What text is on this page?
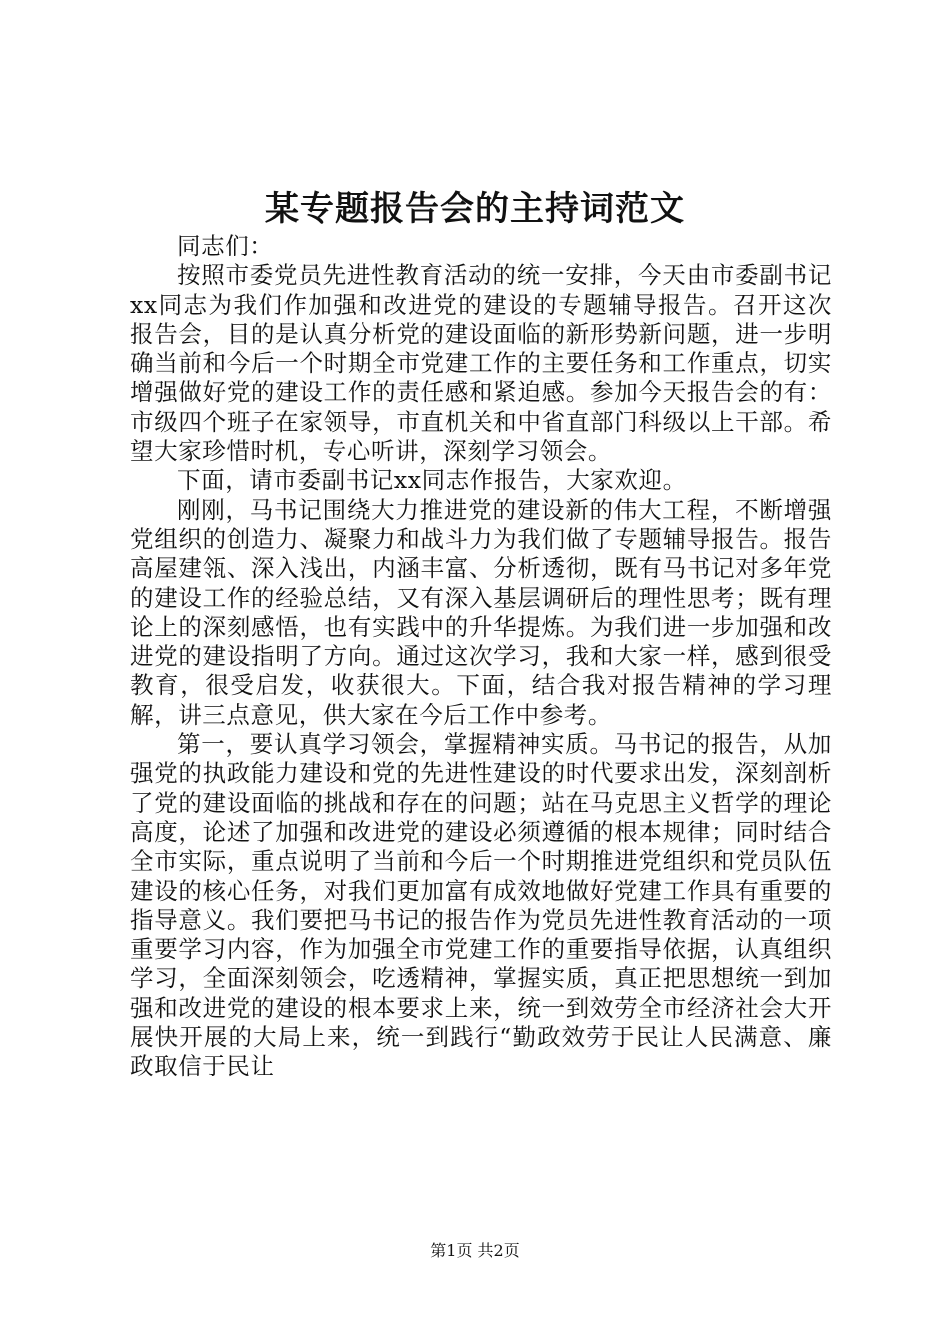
某专题报告会的主持词范文

同志们：

按照市委党员先进性教育活动的统一安排，今天由市委副书记xx同志为我们作加强和改进党的建设的专题辅导报告。召开这次报告会，目的是认真分析党的建设面临的新形势新问题，进一步明确当前和今后一个时期全市党建工作的主要任务和工作重点，切实增强做好党的建设工作的责任感和紧迫感。参加今天报告会的有：市级四个班子在家领导，市直机关和中省直部门科级以上干部。希望大家珍惜时机，专心听讲，深刻学习领会。

下面，请市委副书记xx同志作报告，大家欢迎。

刚刚，马书记围绕大力推进党的建设新的伟大工程，不断增强党组织的创造力、凝聚力和战斗力为我们做了专题辅导报告。报告高屋建瓴、深入浅出，内涵丰富、分析透彻，既有马书记对多年党的建设工作的经验总结，又有深入基层调研后的理性思考；既有理论上的深刻感悟，也有实践中的升华提炼。为我们进一步加强和改进党的建设指明了方向。通过这次学习，我和大家一样，感到很受教育，很受启发，收获很大。下面，结合我对报告精神的学习理解，讲三点意见，供大家在今后工作中参考。

第一，要认真学习领会，掌握精神实质。马书记的报告，从加强党的执政能力建设和党的先进性建设的时代要求出发，深刻剖析了党的建设面临的挑战和存在的问题；站在马克思主义哲学的理论高度，论述了加强和改进党的建设必须遵循的根本规律；同时结合全市实际，重点说明了当前和今后一个时期推进党组织和党员队伍建设的核心任务，对我们更加富有成效地做好党建工作具有重要的指导意义。我们要把马书记的报告作为党员先进性教育活动的一项重要学习内容，作为加强全市党建工作的重要指导依据，认真组织学习，全面深刻领会，吃透精神，掌握实质，真正把思想统一到加强和改进党的建设的根本要求上来，统一到效劳全市经济社会大开展快开展的大局上来，统一到践行“勤政效劳于民让人民满意、廉政取信于民让

第1页 共2页
